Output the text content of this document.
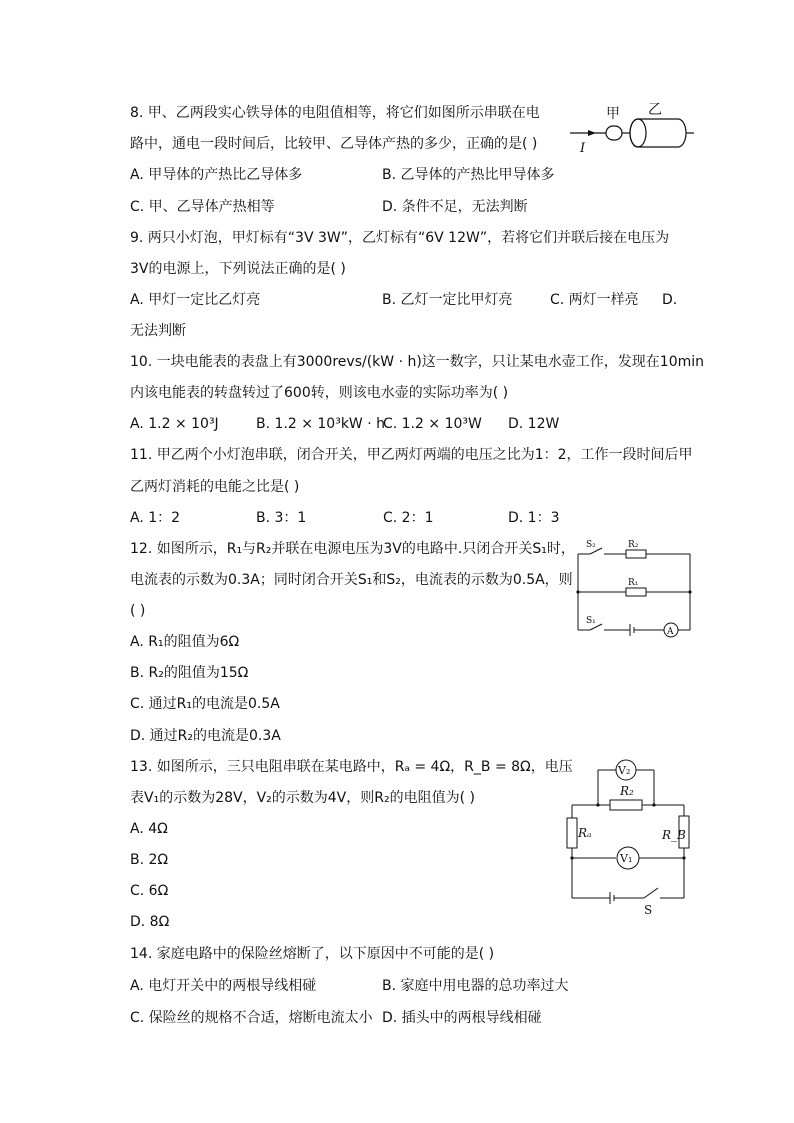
8. 甲、乙两段实心铁导体的电阻值相等，将它们如图所示串联在电
路中，通电一段时间后，比较甲、乙导体产热的多少，正确的是( )
A. 甲导体的产热比乙导体多	B. 乙导体的产热比甲导体多
C. 甲、乙导体产热相等	D. 条件不足，无法判断
甲 乙
I
9. 两只小灯泡，甲灯标有“3V 3W”，乙灯标有“6V 12W”，若将它们并联后接在电压为
3V的电源上，下列说法正确的是( )
A. 甲灯一定比乙灯亮	B. 乙灯一定比甲灯亮	C. 两灯一样亮 D.
无法判断
10. 一块电能表的表盘上有3000revs/(kW · h)这一数字，只让某电水壶工作，发现在10min
内该电能表的转盘转过了600转，则该电水壶的实际功率为( )
A. 1.2 × 10³J	B. 1.2 × 10³kW · h
C. 1.2 × 10³W D. 12W
11. 甲乙两个小灯泡串联，闭合开关，甲乙两灯两端的电压之比为1：2，工作一段时间后甲
乙两灯消耗的电能之比是( )
A. 1：2	B. 3：1	C. 2：1	D. 1：3
12. 如图所示，R₁与R₂并联在电源电压为3V的电路中.只闭合开关S₁时，
电流表的示数为0.3A；同时闭合开关S₁和S₂，电流表的示数为0.5A，则
( )
A. R₁的阻值为6Ω
B. R₂的阻值为15Ω
C. 通过R₁的电流是0.5A
D. 通过R₂的电流是0.3A
S₂	R₂
R₁
S₁
A
13. 如图所示，三只电阻串联在某电路中，Rₐ = 4Ω，R_B = 8Ω，电压
表V₁的示数为28V，V₂的示数为4V，则R₂的电阻值为( )
A. 4Ω
B. 2Ω
C. 6Ω
D. 8Ω
V₂
R₂
Rₐ	R_B
V₁
S
14. 家庭电路中的保险丝熔断了，以下原因中不可能的是( )
A. 电灯开关中的两根导线相碰	B. 家庭中用电器的总功率过大
C. 保险丝的规格不合适，熔断电流太小 D. 插头中的两根导线相碰
